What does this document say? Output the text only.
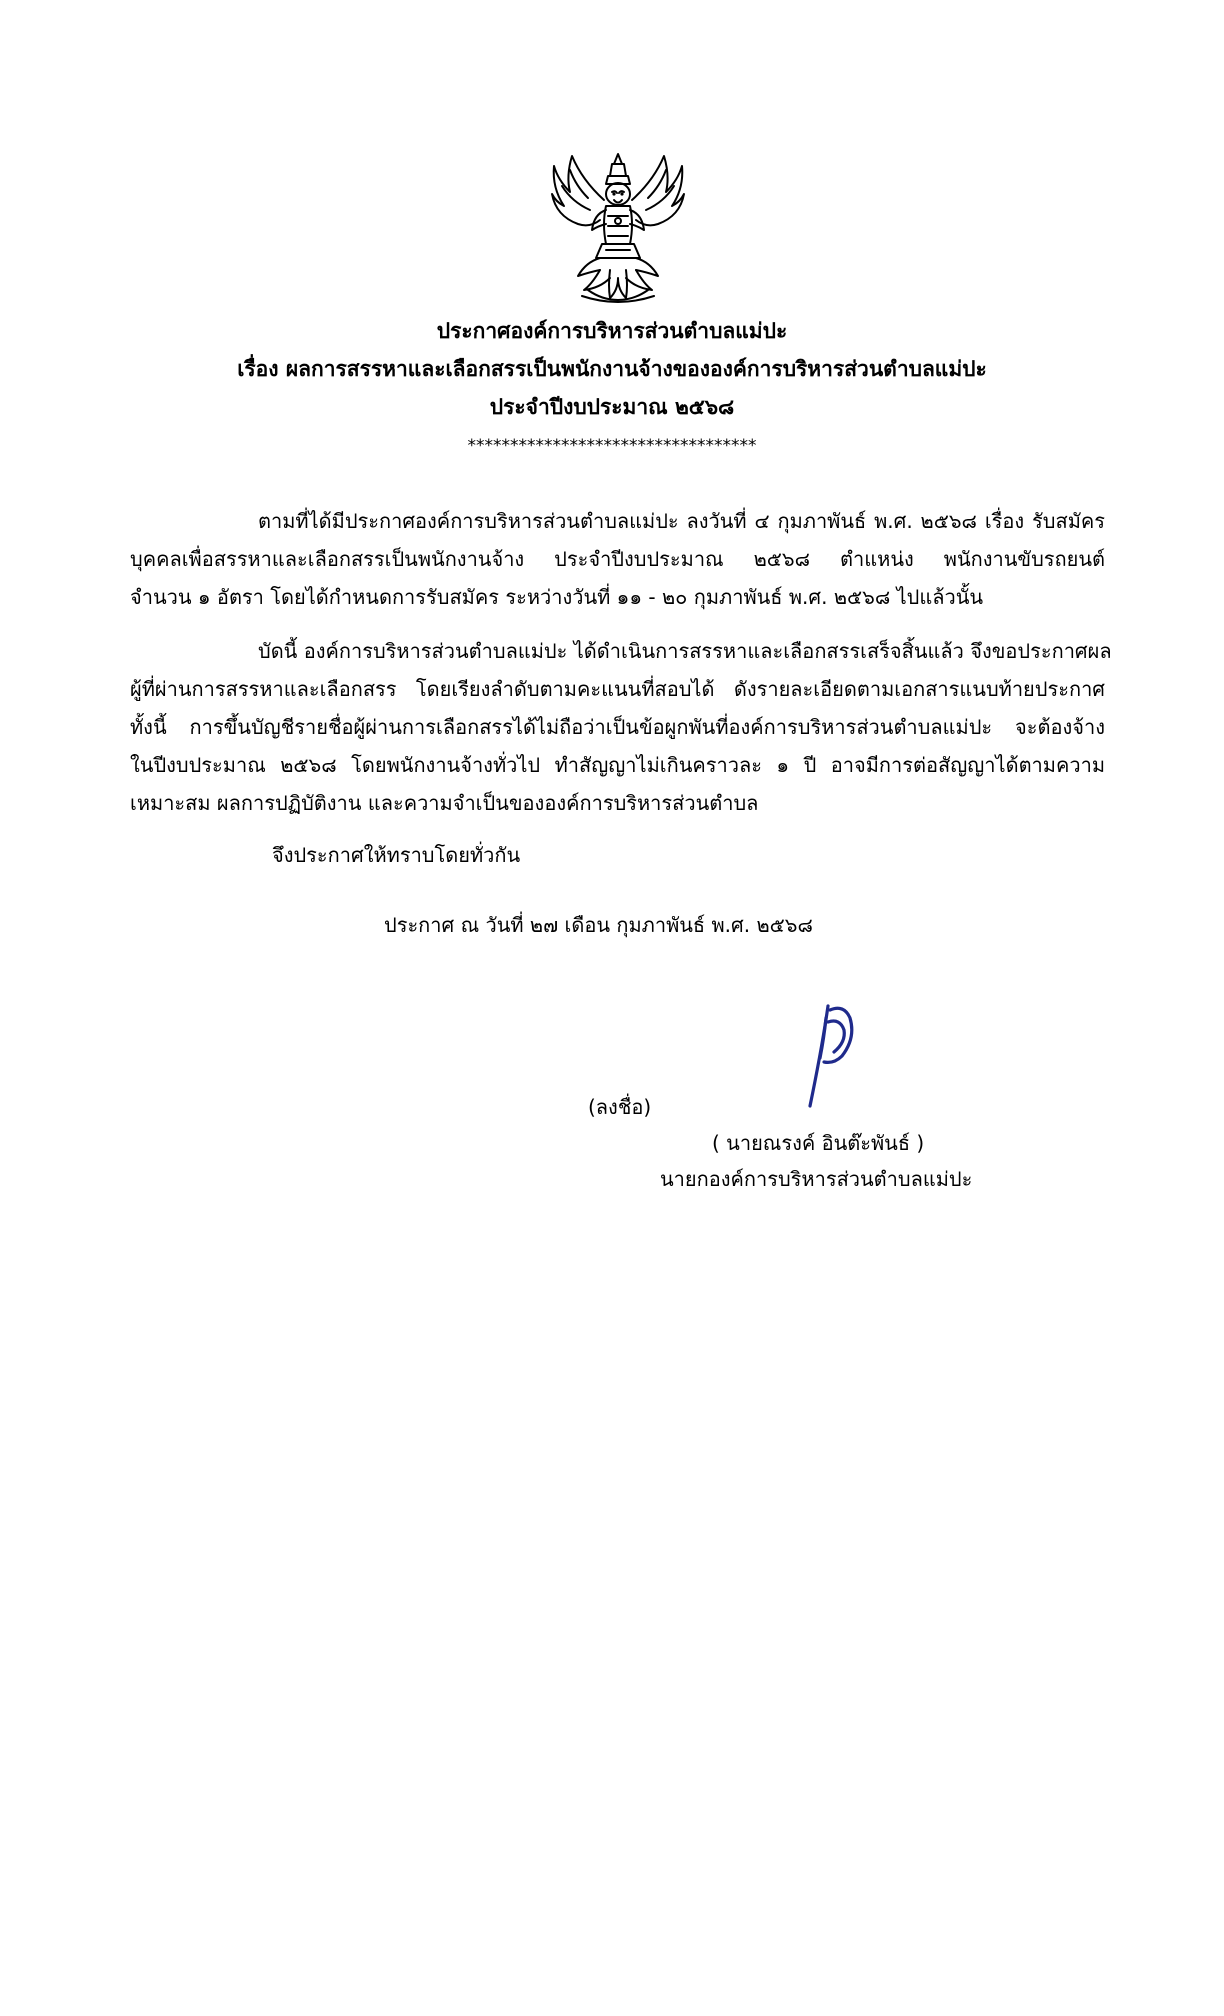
ประกาศองค์การบริหารส่วนตำบลแม่ปะ
เรื่อง ผลการสรรหาและเลือกสรรเป็นพนักงานจ้างขององค์การบริหารส่วนตำบลแม่ปะ
ประจำปีงบประมาณ ๒๕๖๘
**********************************
ตามที่ได้มีประกาศองค์การบริหารส่วนตำบลแม่ปะ ลงวันที่ ๔ กุมภาพันธ์ พ.ศ. ๒๕๖๘ เรื่อง รับสมัคร
บุคคลเพื่อสรรหาและเลือกสรรเป็นพนักงานจ้าง ประจำปีงบประมาณ ๒๕๖๘ ตำแหน่ง พนักงานขับรถยนต์
จำนวน ๑ อัตรา โดยได้กำหนดการรับสมัคร ระหว่างวันที่ ๑๑ - ๒๐ กุมภาพันธ์ พ.ศ. ๒๕๖๘ ไปแล้วนั้น
บัดนี้ องค์การบริหารส่วนตำบลแม่ปะ ได้ดำเนินการสรรหาและเลือกสรรเสร็จสิ้นแล้ว จึงขอประกาศผล
ผู้ที่ผ่านการสรรหาและเลือกสรร โดยเรียงลำดับตามคะแนนที่สอบได้ ดังรายละเอียดตามเอกสารแนบท้ายประกาศ
ทั้งนี้ การขึ้นบัญชีรายชื่อผู้ผ่านการเลือกสรรได้ไม่ถือว่าเป็นข้อผูกพันที่องค์การบริหารส่วนตำบลแม่ปะ จะต้องจ้าง
ในปีงบประมาณ ๒๕๖๘ โดยพนักงานจ้างทั่วไป ทำสัญญาไม่เกินคราวละ ๑ ปี อาจมีการต่อสัญญาได้ตามความ
เหมาะสม ผลการปฏิบัติงาน และความจำเป็นขององค์การบริหารส่วนตำบล
จึงประกาศให้ทราบโดยทั่วกัน
ประกาศ ณ วันที่ ๒๗ เดือน กุมภาพันธ์ พ.ศ. ๒๕๖๘
(ลงชื่อ)
( นายณรงค์ อินต๊ะพันธ์ )
นายกองค์การบริหารส่วนตำบลแม่ปะ
